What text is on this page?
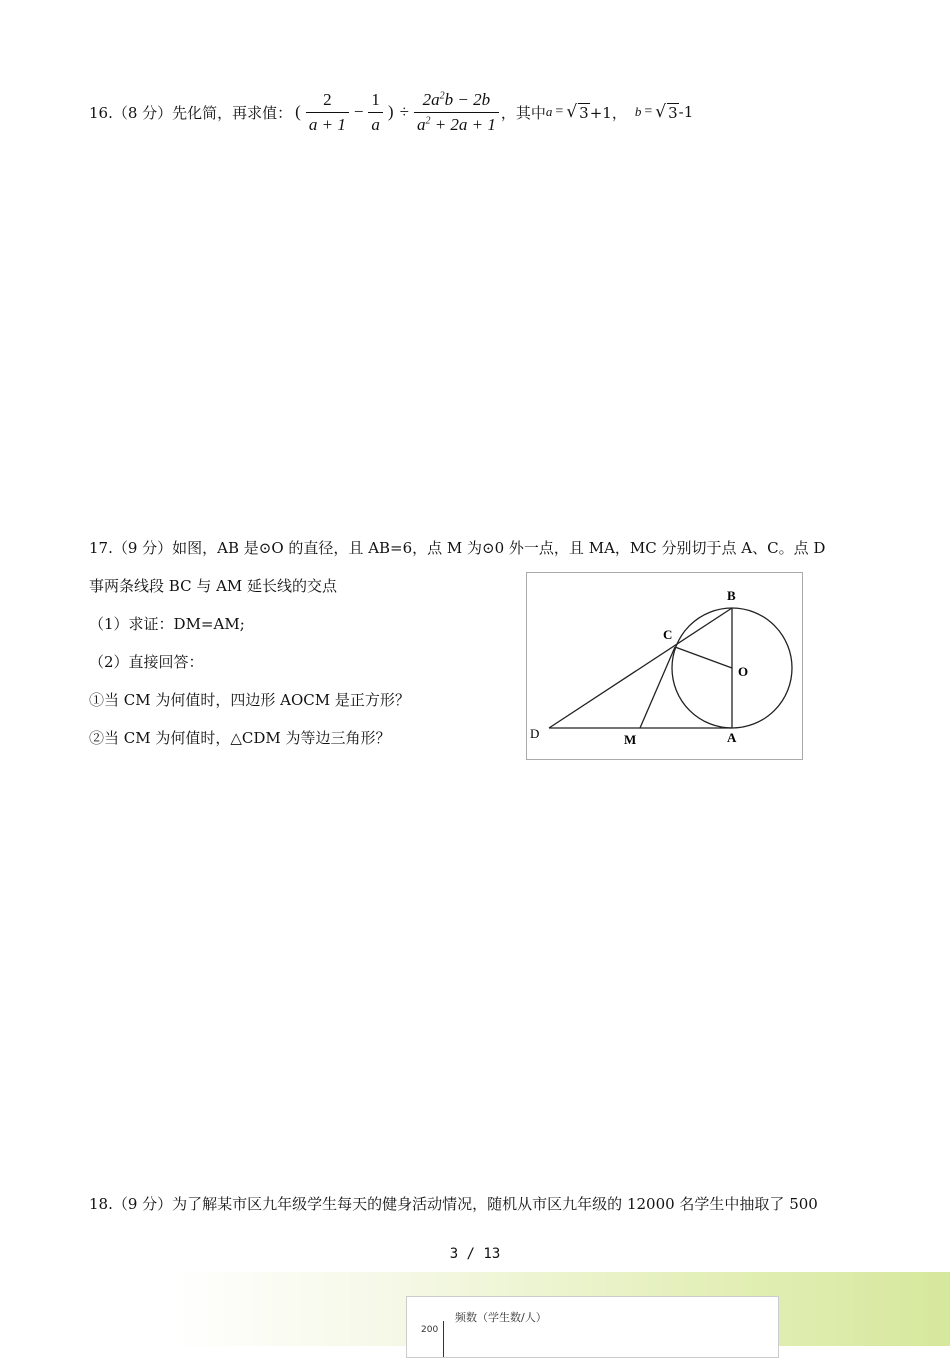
16.（8 分）先化简，再求值： ( $\frac{2}{a + 1} - \frac{1}{a}$ ) ÷ $\frac{2a^2b - 2b}{a^2 + 2a + 1}$ ，其中 a = √ 3 +1， b = √ 3 -1
17.（9 分）如图，AB 是⊙O 的直径，且 AB=6，点 M 为⊙0 外一点，且 MA，MC 分别切于点 A、C。点 D
事两条线段 BC 与 AM 延长线的交点
（1）求证：DM=AM;
（2）直接回答：
①当 CM 为何值时，四边形 AOCM 是正方形？
②当 CM 为何值时，△CDM 为等边三角形？
B
C
O
D	M	A
18.（9 分）为了解某市区九年级学生每天的健身活动情况，随机从市区九年级的 12000 名学生中抽取了 500
3 / 13
频数（学生数/人）
200
